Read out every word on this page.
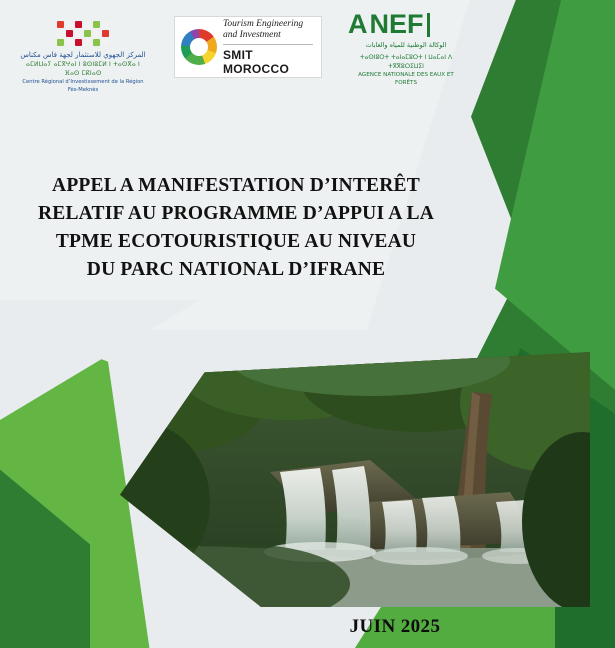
المركز الجهوي للاستثمار لجهة فاس مكناس
ⴰⵎⵍⵡⴰⵢ ⴰⵎⴳⵖⴰⵏ ⵏ ⵓⵙⵏⵓⵎⵍ ⵏ ⵜⴰⵙⴳⴰ ⵏ ⴼⴰⵙ ⵎⴽⵏⴰⵙ
Centre Régional d’Investissement de la Région Fès-Meknès
Tourism Engineering
and Investment
SMIT MOROCCO
A NEF
الوكالة الوطنية للمياه والغابات
ⵜⴰⵙⵏⵓⵔⵜ ⵜⴰⵏⴰⵎⵓⵔⵜ ⵏ ⵡⴰⵎⴰⵏ ⴷ ⵜⴳⴳⵓⵔⵉⵡⵉⵏ
AGENCE NATIONALE DES EAUX ET FORÊTS
APPEL A MANIFESTATION D’INTERÊT
RELATIF AU PROGRAMME D’APPUI A LA
TPME ECOTOURISTIQUE AU NIVEAU
DU PARC NATIONAL D’IFRANE
JUIN 2025
